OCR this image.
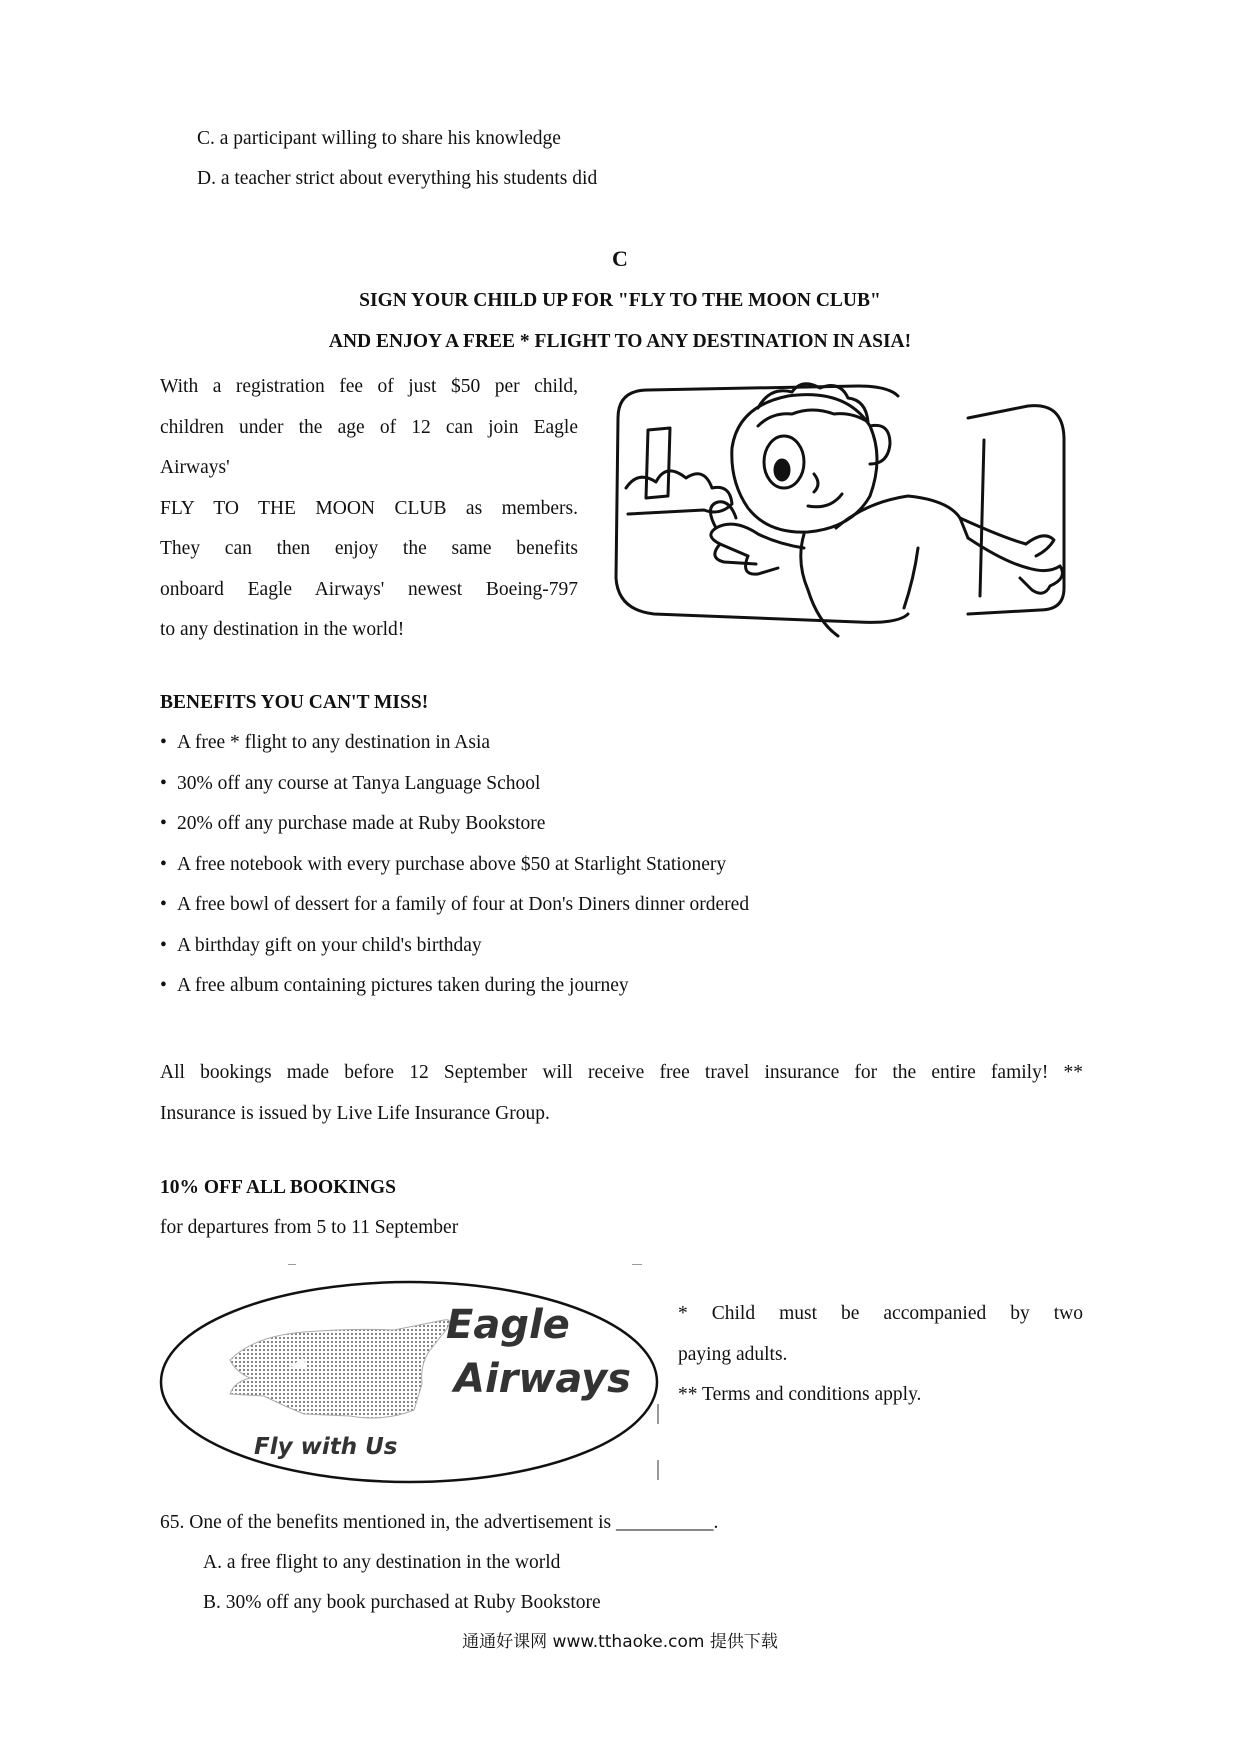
C. a participant willing to share his knowledge
D. a teacher strict about everything his students did
C
SIGN YOUR CHILD UP FOR "FLY TO THE MOON CLUB"
AND ENJOY A FREE * FLIGHT TO ANY DESTINATION IN ASIA!

With a registration fee of just $50 per child,

children under the age of 12 can join Eagle

Airways'

FLY TO THE MOON CLUB as members.

They can then enjoy the same benefits

onboard Eagle Airways' newest Boeing-797

to any destination in the world!

BENEFITS YOU CAN'T MISS!
• A free * flight to any destination in Asia
• 30% off any course at Tanya Language School
• 20% off any purchase made at Ruby Bookstore
• A free notebook with every purchase above $50 at Starlight Stationery
• A free bowl of dessert for a family of four at Don's Diners dinner ordered
• A birthday gift on your child's birthday
• A free album containing pictures taken during the journey

All bookings made before 12 September will receive free travel insurance for the entire family! **

Insurance is issued by Live Life Insurance Group.

10% OFF ALL BOOKINGS
for departures from 5 to 11 September
Eagle
Airways
Fly with Us

* Child must be accompanied by two

paying adults.

** Terms and conditions apply.

65. One of the benefits mentioned in, the advertisement is __________.
A. a free flight to any destination in the world
B. 30% off any book purchased at Ruby Bookstore
通通好课网 www.tthaoke.com 提供下载
